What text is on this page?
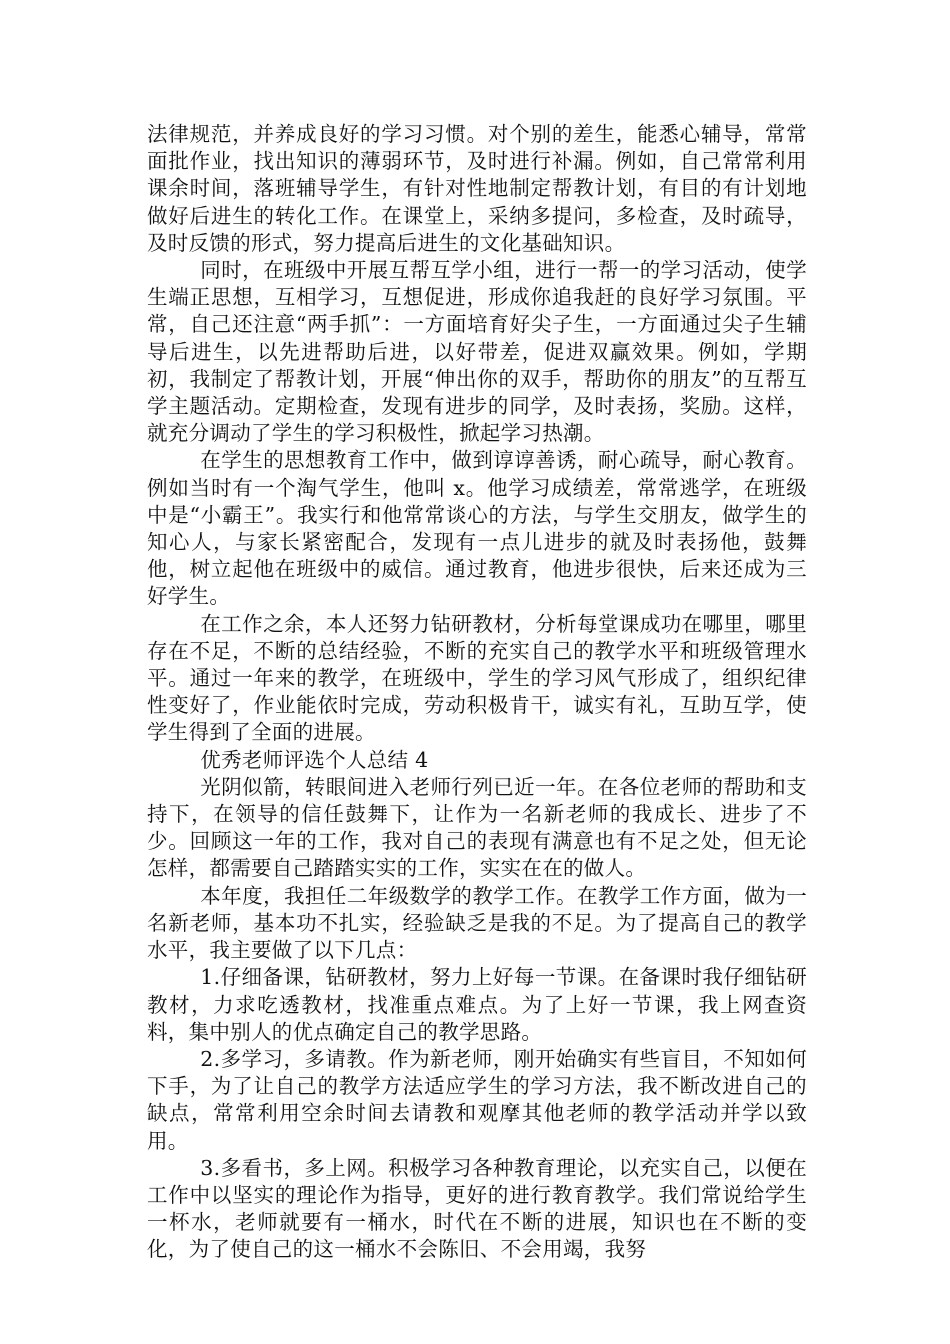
法律规范，并养成良好的学习习惯。对个别的差生，能悉心辅导，常常面批作业，找出知识的薄弱环节，及时进行补漏。例如，自己常常利用课余时间，落班辅导学生，有针对性地制定帮教计划，有目的有计划地做好后进生的转化工作。在课堂上，采纳多提问，多检查，及时疏导，及时反馈的形式，努力提高后进生的文化基础知识。

同时，在班级中开展互帮互学小组，进行一帮一的学习活动，使学生端正思想，互相学习，互想促进，形成你追我赶的良好学习氛围。平常，自己还注意“两手抓”：一方面培育好尖子生，一方面通过尖子生辅导后进生，以先进帮助后进，以好带差，促进双赢效果。例如，学期初，我制定了帮教计划，开展“伸出你的双手，帮助你的朋友”的互帮互学主题活动。定期检查，发现有进步的同学，及时表扬，奖励。这样，就充分调动了学生的学习积极性，掀起学习热潮。

在学生的思想教育工作中，做到谆谆善诱，耐心疏导，耐心教育。例如当时有一个淘气学生，他叫 x。他学习成绩差，常常逃学，在班级中是“小霸王”。我实行和他常常谈心的方法，与学生交朋友，做学生的知心人，与家长紧密配合，发现有一点儿进步的就及时表扬他，鼓舞他，树立起他在班级中的威信。通过教育，他进步很快，后来还成为三好学生。

在工作之余，本人还努力钻研教材，分析每堂课成功在哪里，哪里存在不足，不断的总结经验，不断的充实自己的教学水平和班级管理水平。通过一年来的教学，在班级中，学生的学习风气形成了，组织纪律性变好了，作业能依时完成，劳动积极肯干，诚实有礼，互助互学，使学生得到了全面的进展。

优秀老师评选个人总结 4

光阴似箭，转眼间进入老师行列已近一年。在各位老师的帮助和支持下，在领导的信任鼓舞下，让作为一名新老师的我成长、进步了不少。回顾这一年的工作，我对自己的表现有满意也有不足之处，但无论怎样，都需要自己踏踏实实的工作，实实在在的做人。

本年度，我担任二年级数学的教学工作。在教学工作方面，做为一名新老师，基本功不扎实，经验缺乏是我的不足。为了提高自己的教学水平，我主要做了以下几点：

1.仔细备课，钻研教材，努力上好每一节课。在备课时我仔细钻研教材，力求吃透教材，找准重点难点。为了上好一节课，我上网查资料，集中别人的优点确定自己的教学思路。

2.多学习，多请教。作为新老师，刚开始确实有些盲目，不知如何下手，为了让自己的教学方法适应学生的学习方法，我不断改进自己的缺点，常常利用空余时间去请教和观摩其他老师的教学活动并学以致用。

3.多看书，多上网。积极学习各种教育理论，以充实自己，以便在工作中以坚实的理论作为指导，更好的进行教育教学。我们常说给学生一杯水，老师就要有一桶水，时代在不断的进展，知识也在不断的变化，为了使自己的这一桶水不会陈旧、不会用竭，我努
